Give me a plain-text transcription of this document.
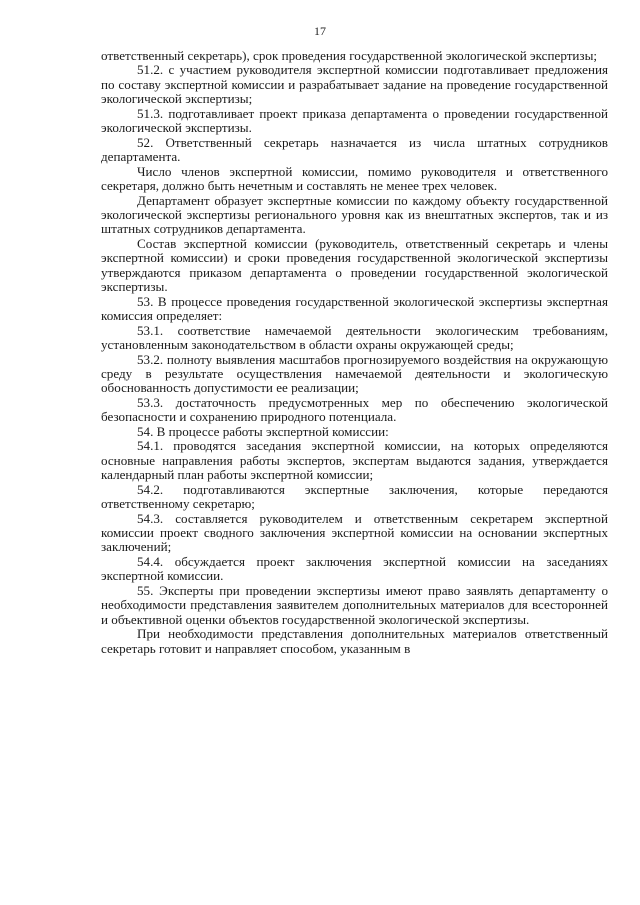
17

ответственный секретарь), срок проведения государственной экологической экспертизы;

51.2. с участием руководителя экспертной комиссии подготавливает предложения по составу экспертной комиссии и разрабатывает задание на проведение государственной экологической экспертизы;

51.3. подготавливает проект приказа департамента о проведении государственной экологической экспертизы.

52. Ответственный секретарь назначается из числа штатных сотрудников департамента.

Число членов экспертной комиссии, помимо руководителя и ответственного секретаря, должно быть нечетным и составлять не менее трех человек.

Департамент образует экспертные комиссии по каждому объекту государственной экологической экспертизы регионального уровня как из внештатных экспертов, так и из штатных сотрудников департамента.

Состав экспертной комиссии (руководитель, ответственный секретарь и члены экспертной комиссии) и сроки проведения государственной экологической экспертизы утверждаются приказом департамента о проведении государственной экологической экспертизы.

53. В процессе проведения государственной экологической экспертизы экспертная комиссия определяет:

53.1. соответствие намечаемой деятельности экологическим требованиям, установленным законодательством в области охраны окружающей среды;

53.2. полноту выявления масштабов прогнозируемого воздействия на окружающую среду в результате осуществления намечаемой деятельности и экологическую обоснованность допустимости ее реализации;

53.3. достаточность предусмотренных мер по обеспечению экологической безопасности и сохранению природного потенциала.

54. В процессе работы экспертной комиссии:

54.1. проводятся заседания экспертной комиссии, на которых определяются основные направления работы экспертов, экспертам выдаются задания, утверждается календарный план работы экспертной комиссии;

54.2. подготавливаются экспертные заключения, которые передаются ответственному секретарю;

54.3. составляется руководителем и ответственным секретарем экспертной комиссии проект сводного заключения экспертной комиссии на основании экспертных заключений;

54.4. обсуждается проект заключения экспертной комиссии на заседаниях экспертной комиссии.

55. Эксперты при проведении экспертизы имеют право заявлять департаменту о необходимости представления заявителем дополнительных материалов для всесторонней и объективной оценки объектов государственной экологической экспертизы.

При необходимости представления дополнительных материалов ответственный секретарь готовит и направляет способом, указанным в
